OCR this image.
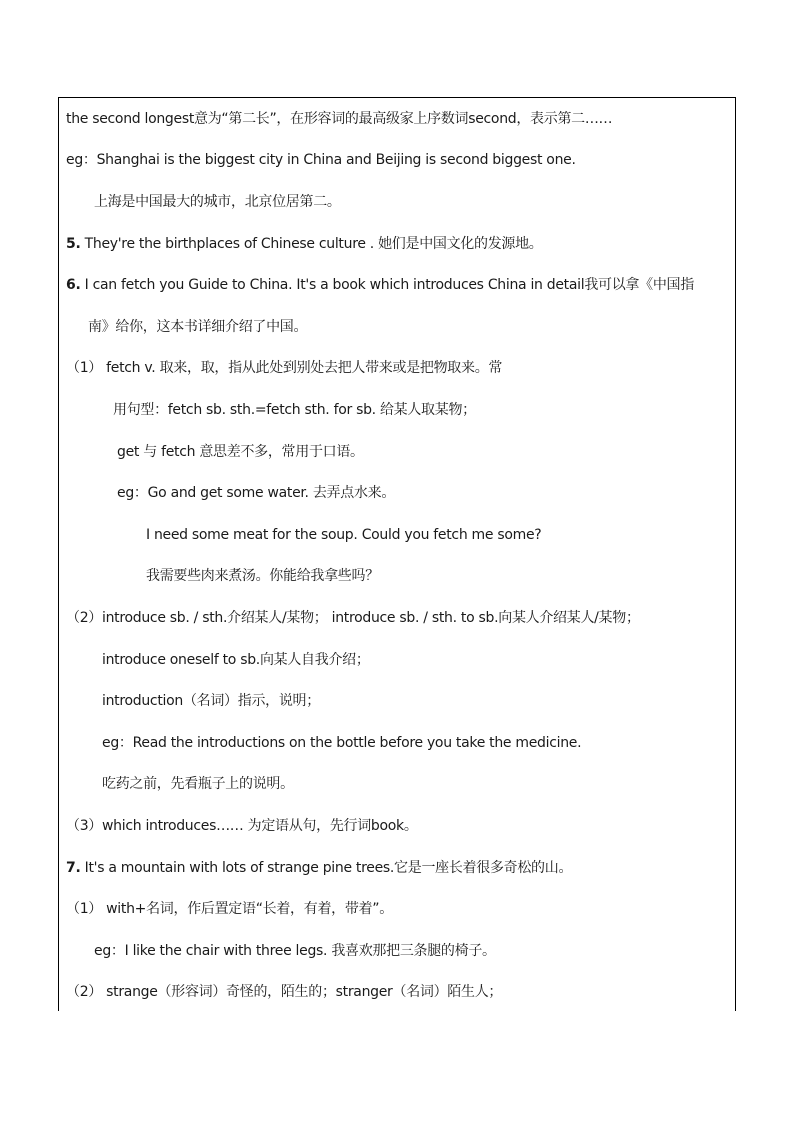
the second longest意为“第二长”，在形容词的最高级家上序数词second，表示第二……
eg：Shanghai is the biggest city in China and Beijing is second biggest one.
上海是中国最大的城市，北京位居第二。
5. They're the birthplaces of Chinese culture . 她们是中国文化的发源地。
6. I can fetch you Guide to China. It's a book which introduces China in detail我可以拿《中国指
南》给你，这本书详细介绍了中国。
（1） fetch v. 取来，取，指从此处到别处去把人带来或是把物取来。常
用句型：fetch sb. sth.=fetch sth. for sb. 给某人取某物；
get 与 fetch 意思差不多，常用于口语。
eg：Go and get some water. 去弄点水来。
I need some meat for the soup. Could you fetch me some?
我需要些肉来煮汤。你能给我拿些吗？
（2）introduce sb. / sth.介绍某人/某物； introduce sb. / sth. to sb.向某人介绍某人/某物；
introduce oneself to sb.向某人自我介绍；
introduction（名词）指示，说明；
eg：Read the introductions on the bottle before you take the medicine.
吃药之前，先看瓶子上的说明。
（3）which introduces…… 为定语从句，先行词book。
7. It's a mountain with lots of strange pine trees.它是一座长着很多奇松的山。
（1） with+名词，作后置定语“长着，有着，带着”。
eg：I like the chair with three legs. 我喜欢那把三条腿的椅子。
（2） strange（形容词）奇怪的，陌生的；stranger（名词）陌生人；
